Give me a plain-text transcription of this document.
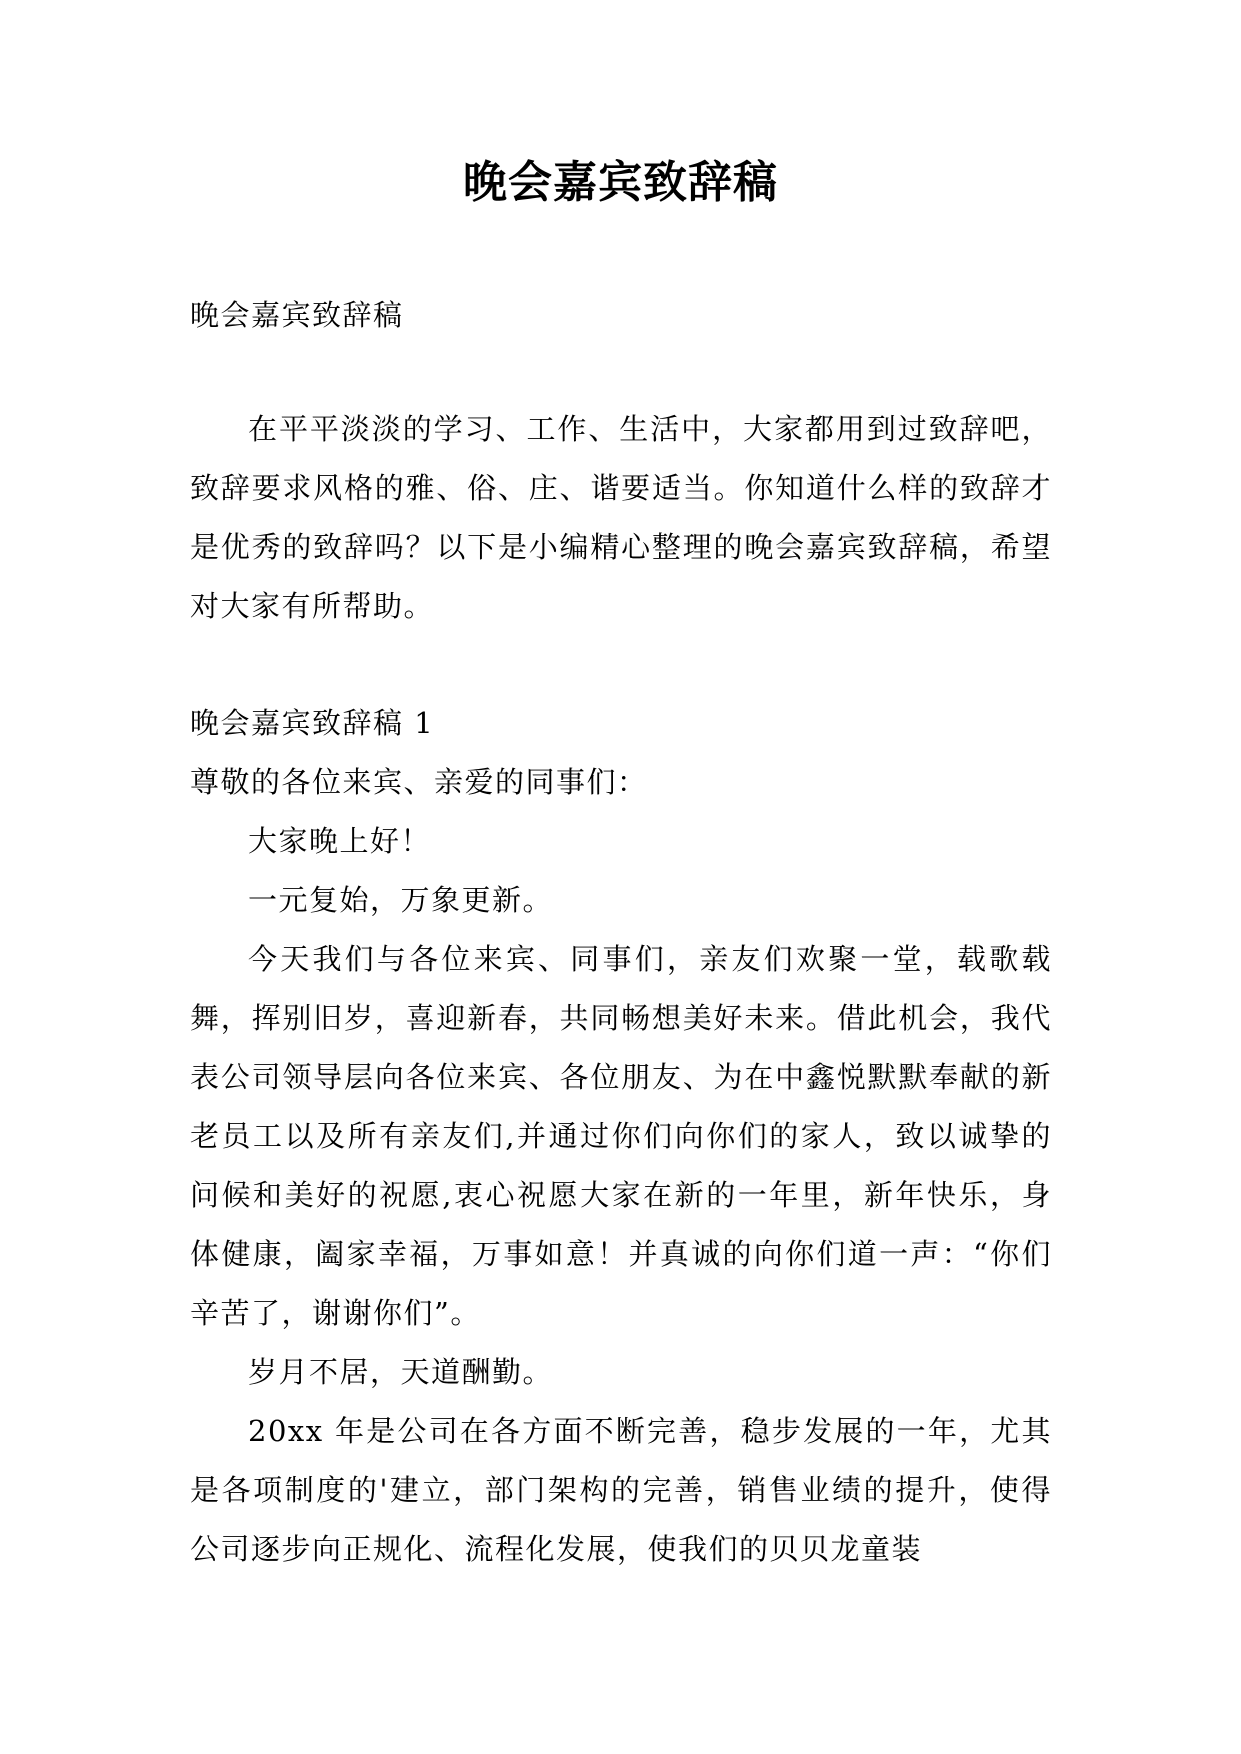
晚会嘉宾致辞稿

晚会嘉宾致辞稿

在平平淡淡的学习、工作、生活中，大家都用到过致辞吧，致辞要求风格的雅、俗、庄、谐要适当。你知道什么样的致辞才是优秀的致辞吗？以下是小编精心整理的晚会嘉宾致辞稿，希望对大家有所帮助。

晚会嘉宾致辞稿 1

尊敬的各位来宾、亲爱的同事们：

大家晚上好！

一元复始，万象更新。

今天我们与各位来宾、同事们，亲友们欢聚一堂，载歌载舞，挥别旧岁，喜迎新春，共同畅想美好未来。借此机会，我代表公司领导层向各位来宾、各位朋友、为在中鑫悦默默奉献的新老员工以及所有亲友们,并通过你们向你们的家人，致以诚挚的问候和美好的祝愿,衷心祝愿大家在新的一年里，新年快乐，身体健康，阖家幸福，万事如意！并真诚的向你们道一声：“你们辛苦了，谢谢你们”。

岁月不居，天道酬勤。

20xx 年是公司在各方面不断完善，稳步发展的一年，尤其是各项制度的'建立，部门架构的完善，销售业绩的提升，使得公司逐步向正规化、流程化发展，使我们的贝贝龙童装
